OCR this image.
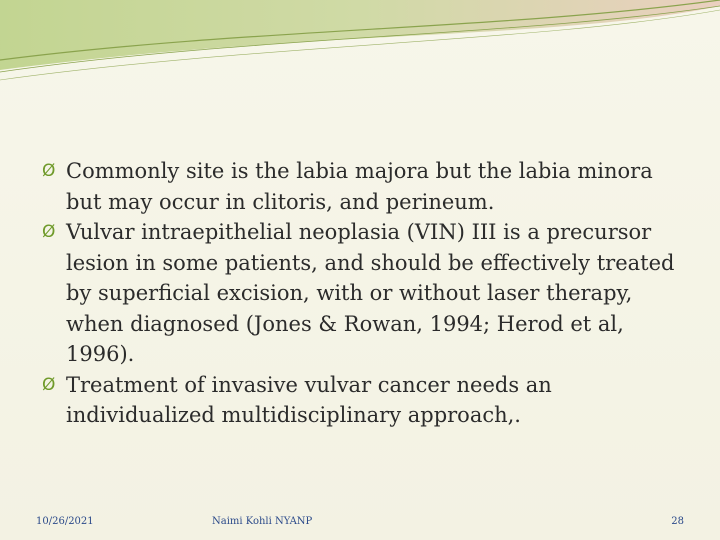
Ø Commonly site is the labia majora but the labia minora but may occur in clitoris, and perineum.
Ø Vulvar intraepithelial neoplasia (VIN) III is a precursor lesion in some patients, and should be effectively treated by superficial excision, with or without laser therapy, when diagnosed (Jones & Rowan, 1994; Herod et al, 1996).
Ø Treatment of invasive vulvar cancer needs an individualized multidisciplinary approach,.
10/26/2021	Naimi Kohli NYANP	28
